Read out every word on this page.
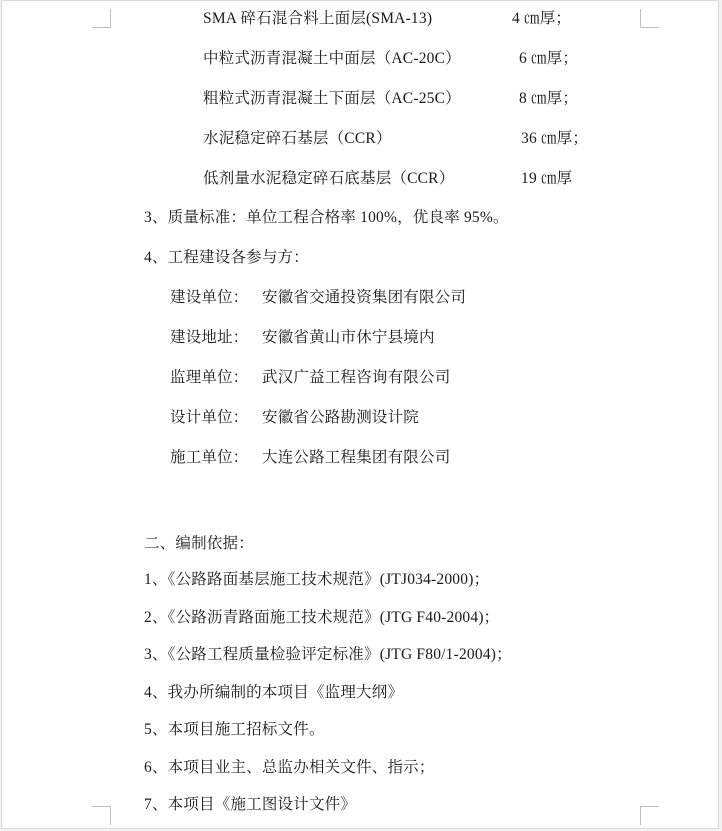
SMA 碎石混合料上面层(SMA-13)	4 ㎝厚；
中粒式沥青混凝土中面层（AC-20C）	6 ㎝厚；
粗粒式沥青混凝土下面层（AC-25C）	8 ㎝厚；
水泥稳定碎石基层（CCR）	36 ㎝厚；
低剂量水泥稳定碎石底基层（CCR）	19 ㎝厚
3、质量标准：单位工程合格率 100%，优良率 95%。
4、工程建设各参与方：
建设单位： 安徽省交通投资集团有限公司
建设地址： 安徽省黄山市休宁县境内
监理单位： 武汉广益工程咨询有限公司
设计单位： 安徽省公路勘测设计院
施工单位： 大连公路工程集团有限公司
二、编制依据：
1、《公路路面基层施工技术规范》(JTJ034-2000)；
2、《公路沥青路面施工技术规范》(JTG F40-2004)；
3、《公路工程质量检验评定标准》(JTG F80/1-2004)；
4、我办所编制的本项目《监理大纲》
5、本项目施工招标文件。
6、本项目业主、总监办相关文件、指示；
7、本项目《施工图设计文件》
